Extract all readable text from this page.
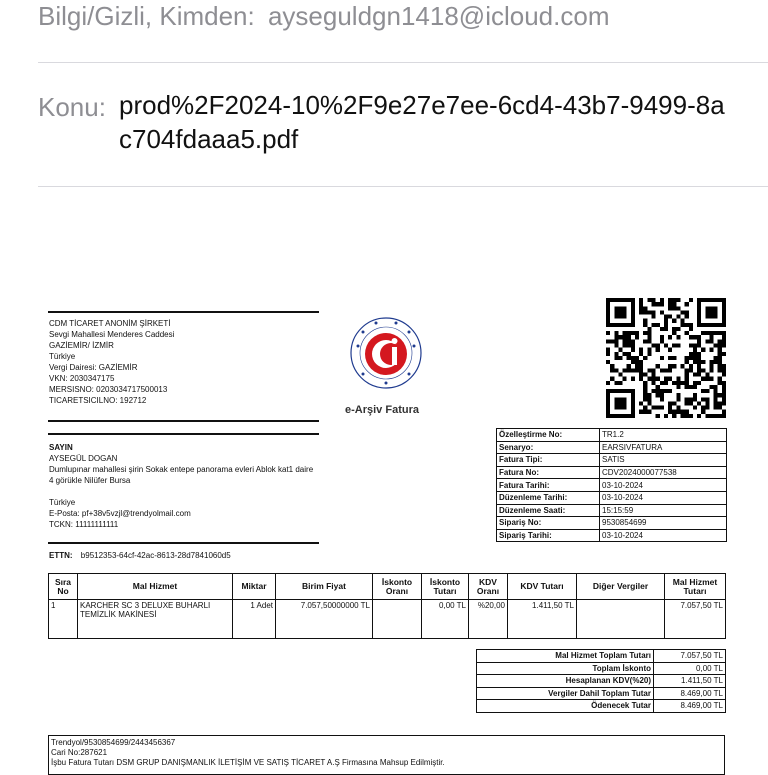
Bilgi/Gizli, Kimden: ayseguldgn1418@icloud.com
Konu: prod%2F2024-10%2F9e27e7ee-6cd4-43b7-9499-8ac704fdaaa5.pdf
CDM TİCARET ANONİM ŞİRKETİ
Sevgi Mahallesi Menderes Caddesi
GAZİEMİR/ İZMİR
Türkiye
Vergi Dairesi: GAZİEMİR
VKN: 2030347175
MERSISNO: 0203034717500013
TICARETSICILNO: 192712
SAYIN
AYSEGÜL DOGAN
Dumlupınar mahallesi şirin Sokak entepe panorama evleri Ablok kat1 daire 4 görükle Nilüfer Bursa
Türkiye
E-Posta: pf+38v5vzjl@trendyolmail.com
TCKN: 11111111111
ETTN: b9512353-64cf-42ac-8613-28d7841060d5
e-Arşiv Fatura
Özelleştirme No:	TR1.2
Senaryo:	EARSIVFATURA
Fatura Tipi:	SATIS
Fatura No:	CDV2024000077538
Fatura Tarihi:	03-10-2024
Düzenleme Tarihi:	03-10-2024
Düzenleme Saati:	15:15:59
Sipariş No:	9530854699
Sipariş Tarihi:	03-10-2024
Sıra No	Mal Hizmet	Miktar	Birim Fiyat	İskonto Oranı	İskonto Tutarı	KDV Oranı	KDV Tutarı	Diğer Vergiler	Mal Hizmet Tutarı
1	KARCHER SC 3 DELUXE BUHARLI TEMİZLİK MAKİNESİ	1 Adet	7.057,50000000 TL		0,00 TL	%20,00	1.411,50 TL		7.057,50 TL
Mal Hizmet Toplam Tutarı	7.057,50 TL
Toplam İskonto	0,00 TL
Hesaplanan KDV(%20)	1.411,50 TL
Vergiler Dahil Toplam Tutar	8.469,00 TL
Ödenecek Tutar	8.469,00 TL
Trendyol/9530854699/2443456367
Cari No:287621
İşbu Fatura Tutarı DSM GRUP DANIŞMANLIK İLETİŞİM VE SATIŞ TİCARET A.Ş Firmasına Mahsup Edilmiştir.
